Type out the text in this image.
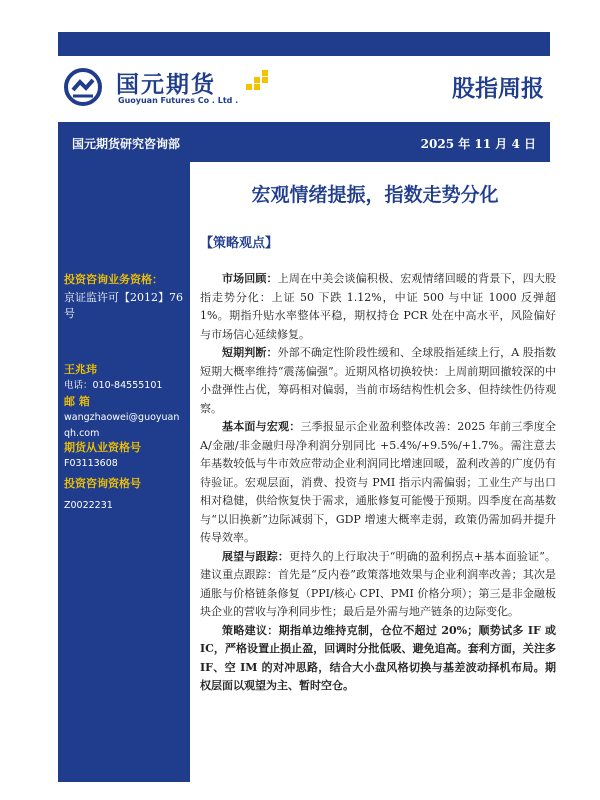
国元期货
Guoyuan Futures Co . Ltd .	股指周报
国元期货研究咨询部	2025 年 11 月 4 日
投资咨询业务资格：
京证监许可【2012】76号
王兆玮
电话：010-84555101
邮 箱
wangzhaowei@guoyuanqh.com
期货从业资格号
F03113608
投资咨询资格号
Z0022231
宏观情绪提振，指数走势分化
【策略观点】

市场回顾：上周在中美会谈偏积极、宏观情绪回暖的背景下，四大股指走势分化：上证 50 下跌 1.12%，中证 500 与中证 1000 反弹超 1%。期指升贴水率整体平稳，期权持仓 PCR 处在中高水平，风险偏好与市场信心延续修复。

短期判断：外部不确定性阶段性缓和、全球股指延续上行，A 股指数短期大概率维持“震荡偏强”。近期风格切换较快：上周前期回撤较深的中小盘弹性占优，筹码相对偏弱，当前市场结构性机会多、但持续性仍待观察。

基本面与宏观：三季报显示企业盈利整体改善：2025 年前三季度全 A/金融/非金融归母净利润分别同比 +5.4%/+9.5%/+1.7%。需注意去年基数较低与牛市效应带动企业利润同比增速回暖，盈利改善的广度仍有待验证。宏观层面，消费、投资与 PMI 指示内需偏弱；工业生产与出口相对稳健，供给恢复快于需求，通胀修复可能慢于预期。四季度在高基数与“以旧换新”边际减弱下，GDP 增速大概率走弱，政策仍需加码并提升传导效率。

展望与跟踪：更持久的上行取决于“明确的盈利拐点+基本面验证”。建议重点跟踪：首先是“反内卷”政策落地效果与企业利润率改善；其次是通胀与价格链条修复（PPI/核心 CPI、PMI 价格分项）；第三是非金融板块企业的营收与净利同步性；最后是外需与地产链条的边际变化。

策略建议：期指单边维持克制，仓位不超过 20%；顺势试多 IF 或 IC，严格设置止损止盈，回调时分批低吸、避免追高。套利方面，关注多 IF、空 IM 的对冲思路，结合大小盘风格切换与基差波动择机布局。期权层面以观望为主、暂时空仓。
